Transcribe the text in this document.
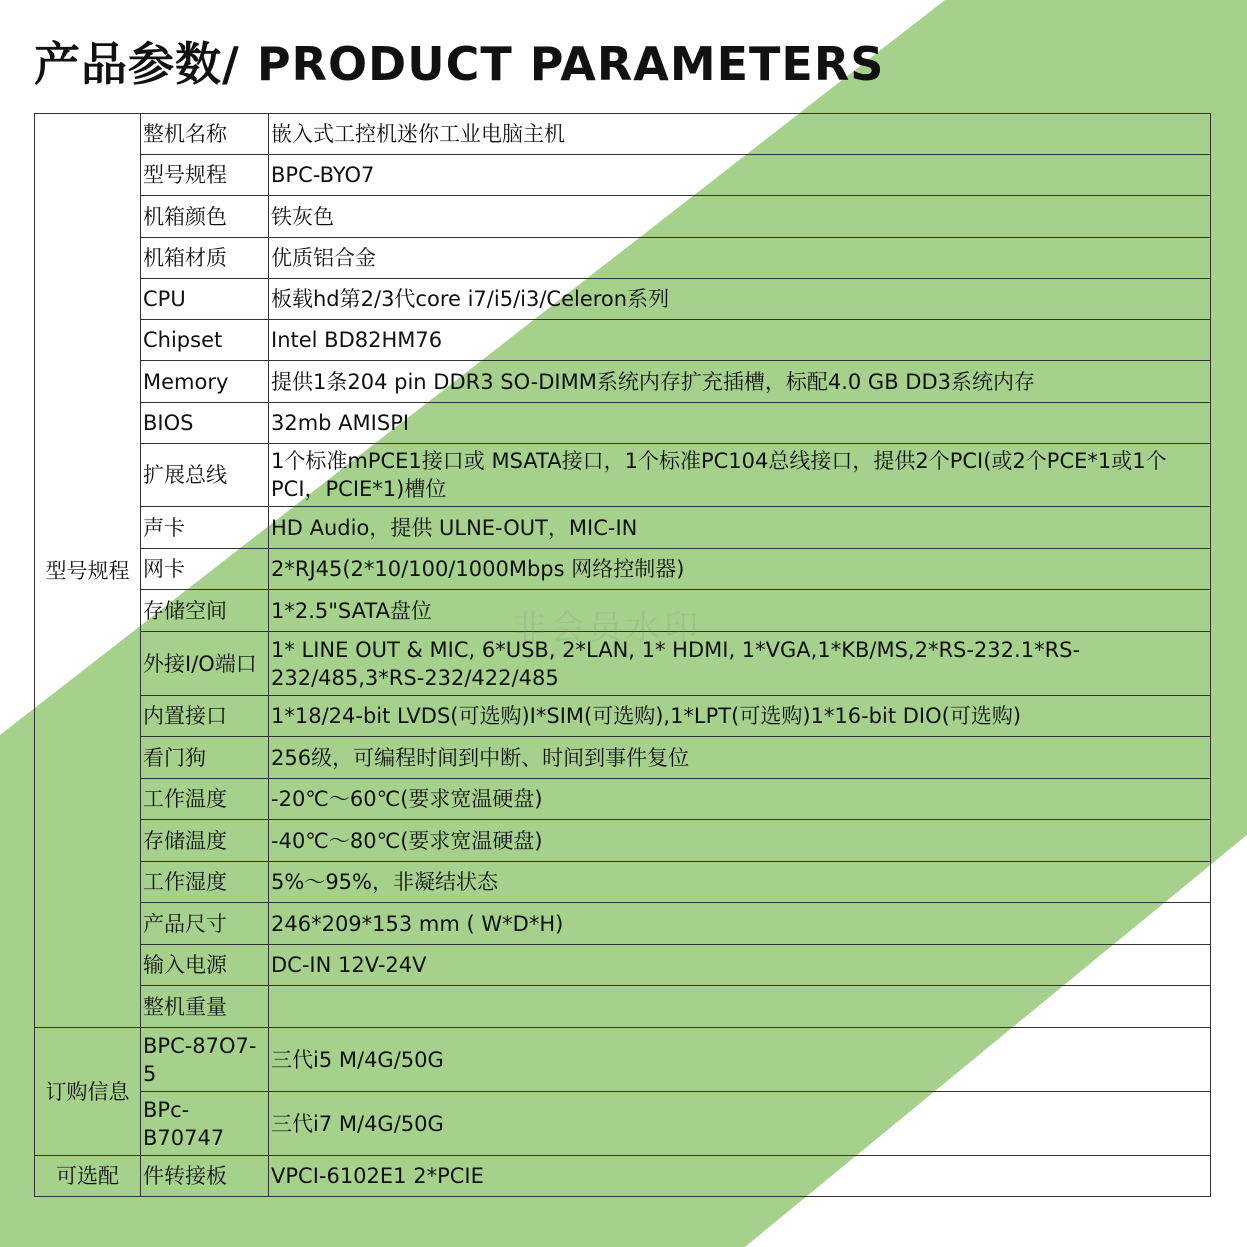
产品参数/ PRODUCT PARAMETERS
型号规程	整机名称	嵌入式工控机迷你工业电脑主机
	型号规程	BPC-BYO7
	机箱颜色	铁灰色
	机箱材质	优质铝合金
	CPU	板载hd第2/3代core i7/i5/i3/Celeron系列
	Chipset	Intel BD82HM76
	Memory	提供1条204 pin DDR3 SO-DIMM系统内存扩充插槽，标配4.0 GB DD3系统内存
	BIOS	32mb AMISPI
	扩展总线	1个标准mPCE1接口或 MSATA接口，1个标准PC104总线接口，提供2个PCI(或2个PCE*1或1个PCI，PCIE*1)槽位
	声卡	HD Audio，提供 ULNE-OUT，MIC-IN
	网卡	2*RJ45(2*10/100/1000Mbps 网络控制器)
	存储空间	1*2.5"SATA盘位
	外接I/O端口	1* LINE OUT & MIC, 6*USB, 2*LAN, 1* HDMI, 1*VGA,1*KB/MS,2*RS-232.1*RS-232/485,3*RS-232/422/485
	内置接口	1*18/24-bit LVDS(可选购)I*SIM(可选购),1*LPT(可选购)1*16-bit DIO(可选购)
	看门狗	256级，可编程时间到中断、时间到事件复位
	工作温度	-20℃～60℃(要求宽温硬盘)
	存储温度	-40℃～80℃(要求宽温硬盘)
	工作湿度	5%～95%，非凝结状态
	产品尺寸	246*209*153 mm ( W*D*H)
	输入电源	DC-IN 12V-24V
	整机重量	
订购信息	BPC-87O7-5	三代i5 M/4G/50G
	BPc-B70747	三代i7 M/4G/50G
可选配	件转接板	VPCI-6102E1 2*PCIE
非会员水印
